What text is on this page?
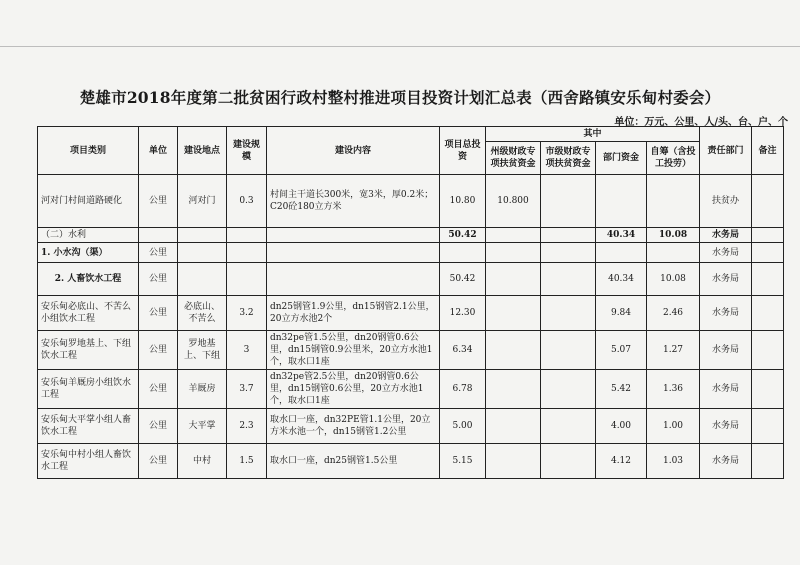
楚雄市2018年度第二批贫困行政村整村推进项目投资计划汇总表（西舍路镇安乐甸村委会）
单位：万元、公里、人/头、台、户、个
项目类别	单位	建设地点	建设规模	建设内容	项目总投资	其中				责任部门	备注
						州级财政专项扶贫资金	市级财政专项扶贫资金	部门资金	自筹（含投工投劳）		
河对门村间道路硬化	公里	河对门	0.3	村间主干道长300米，宽3米，厚0.2米；C20砼180立方米	10.80	10.800				扶贫办	
（二）水利					50.42			40.34	10.08	水务局	
1. 小水沟（渠）	公里									水务局	
2. 人畜饮水工程	公里				50.42			40.34	10.08	水务局	
安乐甸必底山、不苦么小组饮水工程	公里	必底山、不苦么	3.2	dn25钢管1.9公里，dn15钢管2.1公里，20立方水池2个	12.30			9.84	2.46	水务局	
安乐甸罗地基上、下组饮水工程	公里	罗地基上、下组	3	dn32pe管1.5公里，dn20钢管0.6公里，dn15钢管0.9公里米，20立方水池1个，取水口1座	6.34			5.07	1.27	水务局	
安乐甸羊厩房小组饮水工程	公里	羊厩房	3.7	dn32pe管2.5公里，dn20钢管0.6公里，dn15钢管0.6公里，20立方水池1个，取水口1座	6.78			5.42	1.36	水务局	
安乐甸大平掌小组人畜饮水工程	公里	大平掌	2.3	取水口一座，dn32PE管1.1公里，20立方米水池一个，dn15钢管1.2公里	5.00			4.00	1.00	水务局	
安乐甸中村小组人畜饮水工程	公里	中村	1.5	取水口一座，dn25钢管1.5公里	5.15			4.12	1.03	水务局	
